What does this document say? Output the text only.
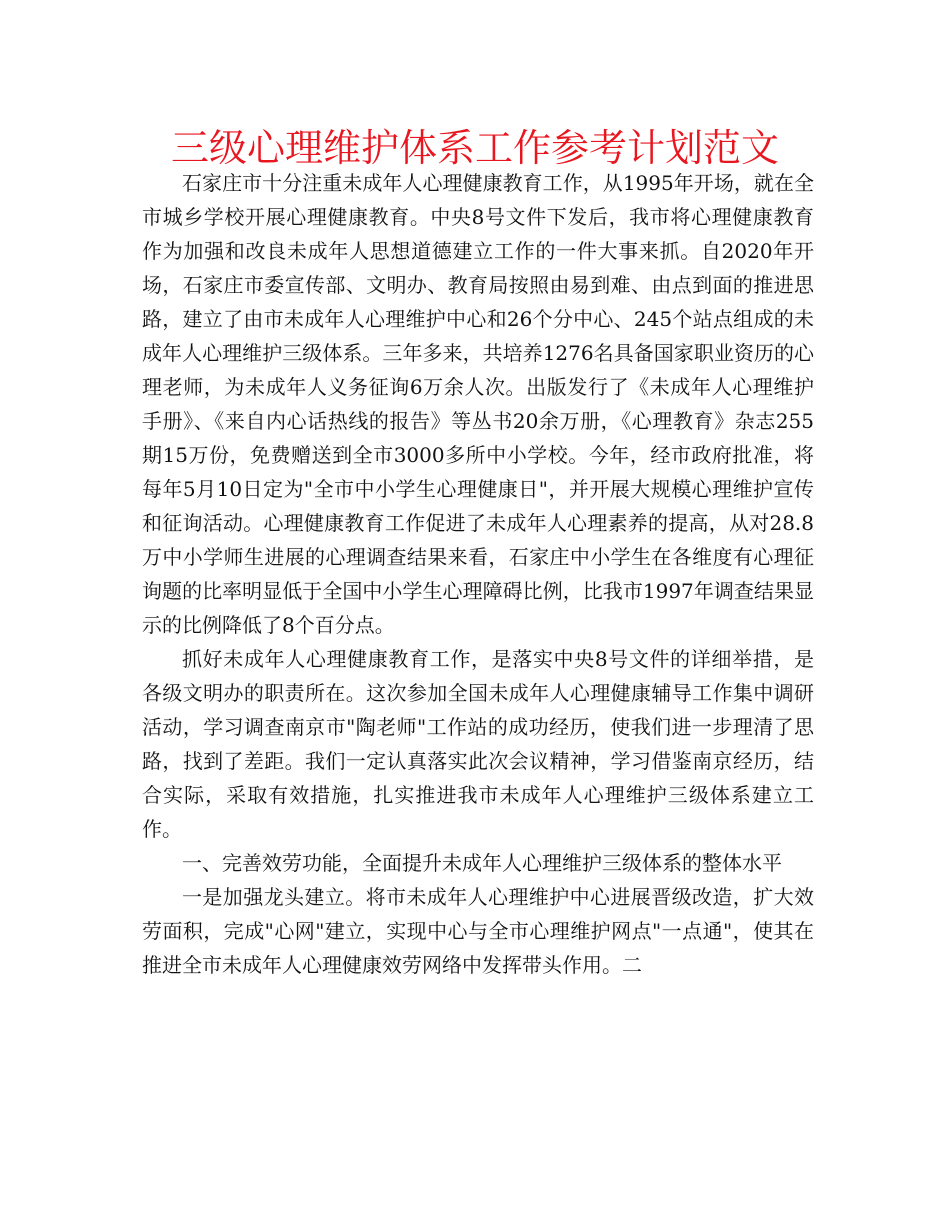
三级心理维护体系工作参考计划范文

石家庄市十分注重未成年人心理健康教育工作，从1995年开场，就在全市城乡学校开展心理健康教育。中央8号文件下发后，我市将心理健康教育作为加强和改良未成年人思想道德建立工作的一件大事来抓。自2020年开场，石家庄市委宣传部、文明办、教育局按照由易到难、由点到面的推进思路，建立了由市未成年人心理维护中心和26个分中心、245个站点组成的未成年人心理维护三级体系。三年多来，共培养1276名具备国家职业资历的心理老师，为未成年人义务征询6万余人次。出版发行了《未成年人心理维护手册》、《来自内心话热线的报告》等丛书20余万册，《心理教育》杂志255期15万份，免费赠送到全市3000多所中小学校。今年，经市政府批准，将每年5月10日定为"全市中小学生心理健康日"，并开展大规模心理维护宣传和征询活动。心理健康教育工作促进了未成年人心理素养的提高，从对28.8万中小学师生进展的心理调查结果来看，石家庄中小学生在各维度有心理征询题的比率明显低于全国中小学生心理障碍比例，比我市1997年调查结果显示的比例降低了8个百分点。

抓好未成年人心理健康教育工作，是落实中央8号文件的详细举措，是各级文明办的职责所在。这次参加全国未成年人心理健康辅导工作集中调研活动，学习调查南京市"陶老师"工作站的成功经历，使我们进一步理清了思路，找到了差距。我们一定认真落实此次会议精神，学习借鉴南京经历，结合实际，采取有效措施，扎实推进我市未成年人心理维护三级体系建立工作。

一、完善效劳功能，全面提升未成年人心理维护三级体系的整体水平

一是加强龙头建立。将市未成年人心理维护中心进展晋级改造，扩大效劳面积，完成"心网"建立，实现中心与全市心理维护网点"一点通"，使其在推进全市未成年人心理健康效劳网络中发挥带头作用。二
